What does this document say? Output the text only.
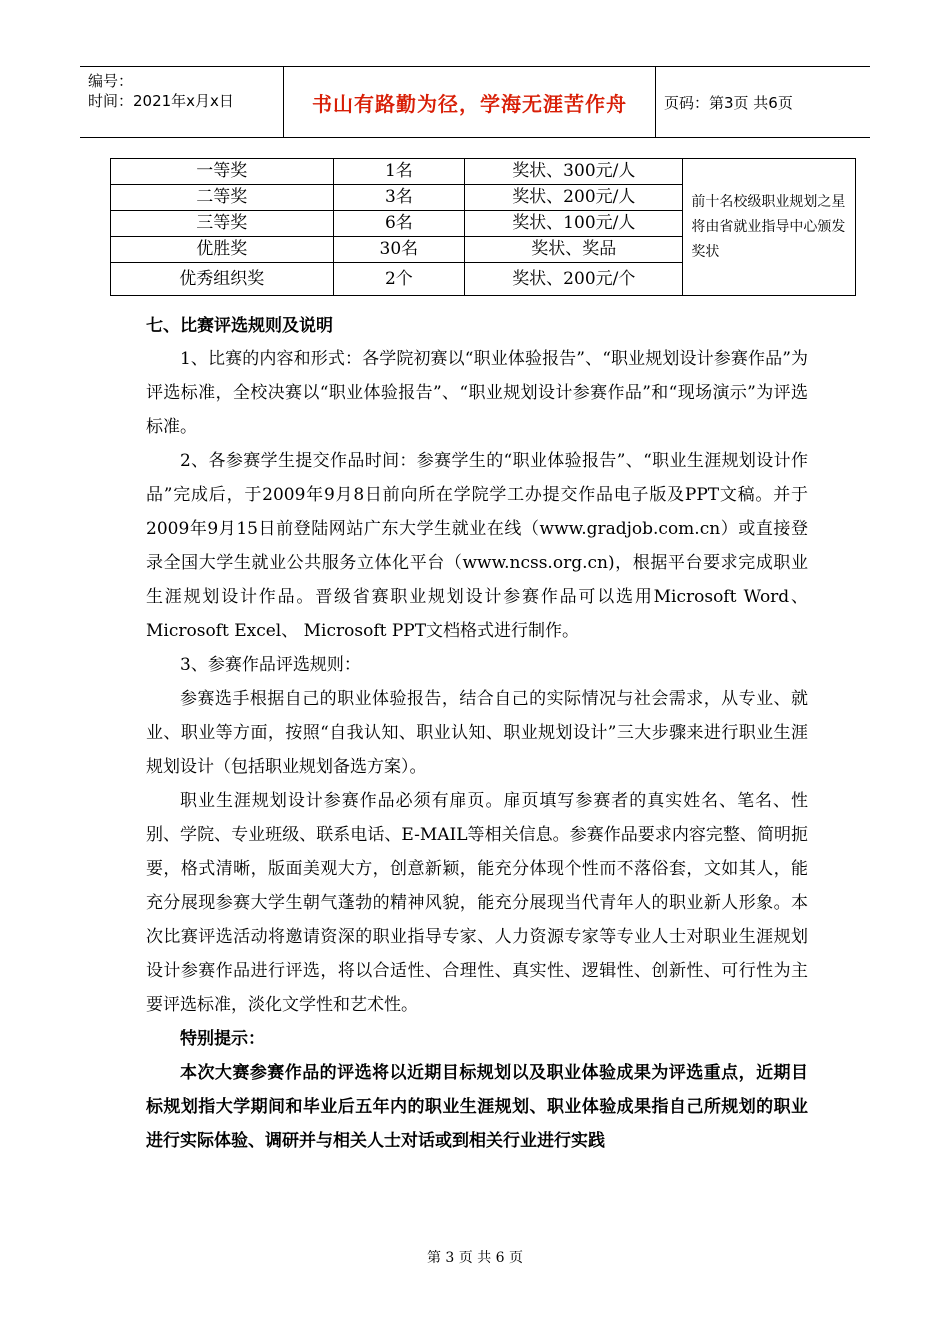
编号：
时间：2021年x月x日	书山有路勤为径，学海无涯苦作舟	页码：第3页 共6页
一等奖	1名	奖状、300元/人	前十名校级职业规划之星将由省就业指导中心颁发奖状
二等奖	3名	奖状、200元/人	
三等奖	6名	奖状、100元/人	
优胜奖	30名	奖状、奖品	
优秀组织奖	2个	奖状、200元/个	
七、比赛评选规则及说明

1、比赛的内容和形式：各学院初赛以“职业体验报告”、“职业规划设计参赛作品”为评选标准，全校决赛以“职业体验报告”、“职业规划设计参赛作品”和“现场演示”为评选标准。

2、各参赛学生提交作品时间：参赛学生的“职业体验报告”、“职业生涯规划设计作品”完成后，于2009年9月8日前向所在学院学工办提交作品电子版及PPT文稿。并于2009年9月15日前登陆网站广东大学生就业在线（www.gradjob.com.cn）或直接登录全国大学生就业公共服务立体化平台（www.ncss.org.cn)，根据平台要求完成职业生涯规划设计作品。晋级省赛职业规划设计参赛作品可以选用Microsoft Word、 Microsoft Excel、 Microsoft PPT文档格式进行制作。

3、参赛作品评选规则：

参赛选手根据自己的职业体验报告，结合自己的实际情况与社会需求，从专业、就业、职业等方面，按照“自我认知、职业认知、职业规划设计”三大步骤来进行职业生涯规划设计（包括职业规划备选方案）。

职业生涯规划设计参赛作品必须有扉页。扉页填写参赛者的真实姓名、笔名、性别、学院、专业班级、联系电话、E-MAIL等相关信息。参赛作品要求内容完整、简明扼要，格式清晰，版面美观大方，创意新颖，能充分体现个性而不落俗套，文如其人，能充分展现参赛大学生朝气蓬勃的精神风貌，能充分展现当代青年人的职业新人形象。本次比赛评选活动将邀请资深的职业指导专家、人力资源专家等专业人士对职业生涯规划设计参赛作品进行评选，将以合适性、合理性、真实性、逻辑性、创新性、可行性为主要评选标准，淡化文学性和艺术性。

特别提示：

本次大赛参赛作品的评选将以近期目标规划以及职业体验成果为评选重点，近期目标规划指大学期间和毕业后五年内的职业生涯规划、职业体验成果指自己所规划的职业进行实际体验、调研并与相关人士对话或到相关行业进行实践

第 3 页 共 6 页
